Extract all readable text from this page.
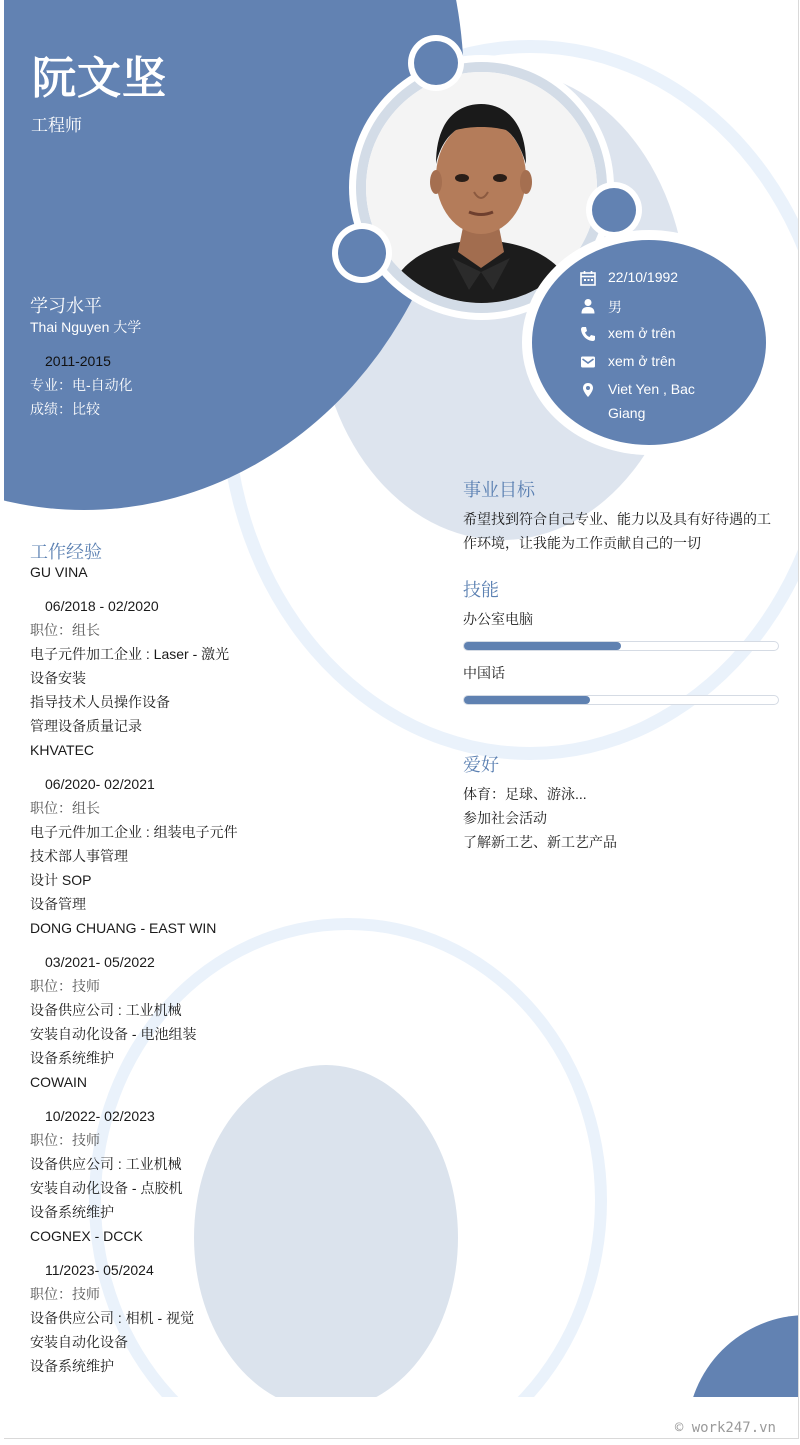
22/10/1992
男
xem ở trên
xem ở trên
Viet Yen , Bac
Giang
阮文坚
工程师
学习水平
Thai Nguyen 大学
2011-2015
专业：电-自动化
成绩：比较
事业目标
希望找到符合自己专业、能力以及具有好待遇的工
作环境，让我能为工作贡献自己的一切
技能
办公室电脑
中国话
爱好
体育：足球、游泳...
参加社会活动
了解新工艺、新工艺产品
工作经验
GU VINA
06/2018 - 02/2020
职位：组长
电子元件加工企业 : Laser - 激光
设备安装
指导技术人员操作设备
管理设备质量记录
KHVATEC
06/2020- 02/2021
职位：组长
电子元件加工企业 : 组装电子元件
技术部人事管理
设计 SOP
设备管理
DONG CHUANG - EAST WIN
03/2021- 05/2022
职位：技师
设备供应公司 : 工业机械
安装自动化设备 - 电池组装
设备系统维护
COWAIN
10/2022- 02/2023
职位：技师
设备供应公司 : 工业机械
安装自动化设备 - 点胶机
设备系统维护
COGNEX - DCCK
11/2023- 05/2024
职位：技师
设备供应公司 : 相机 - 视觉
安装自动化设备
设备系统维护
© work247.vn
